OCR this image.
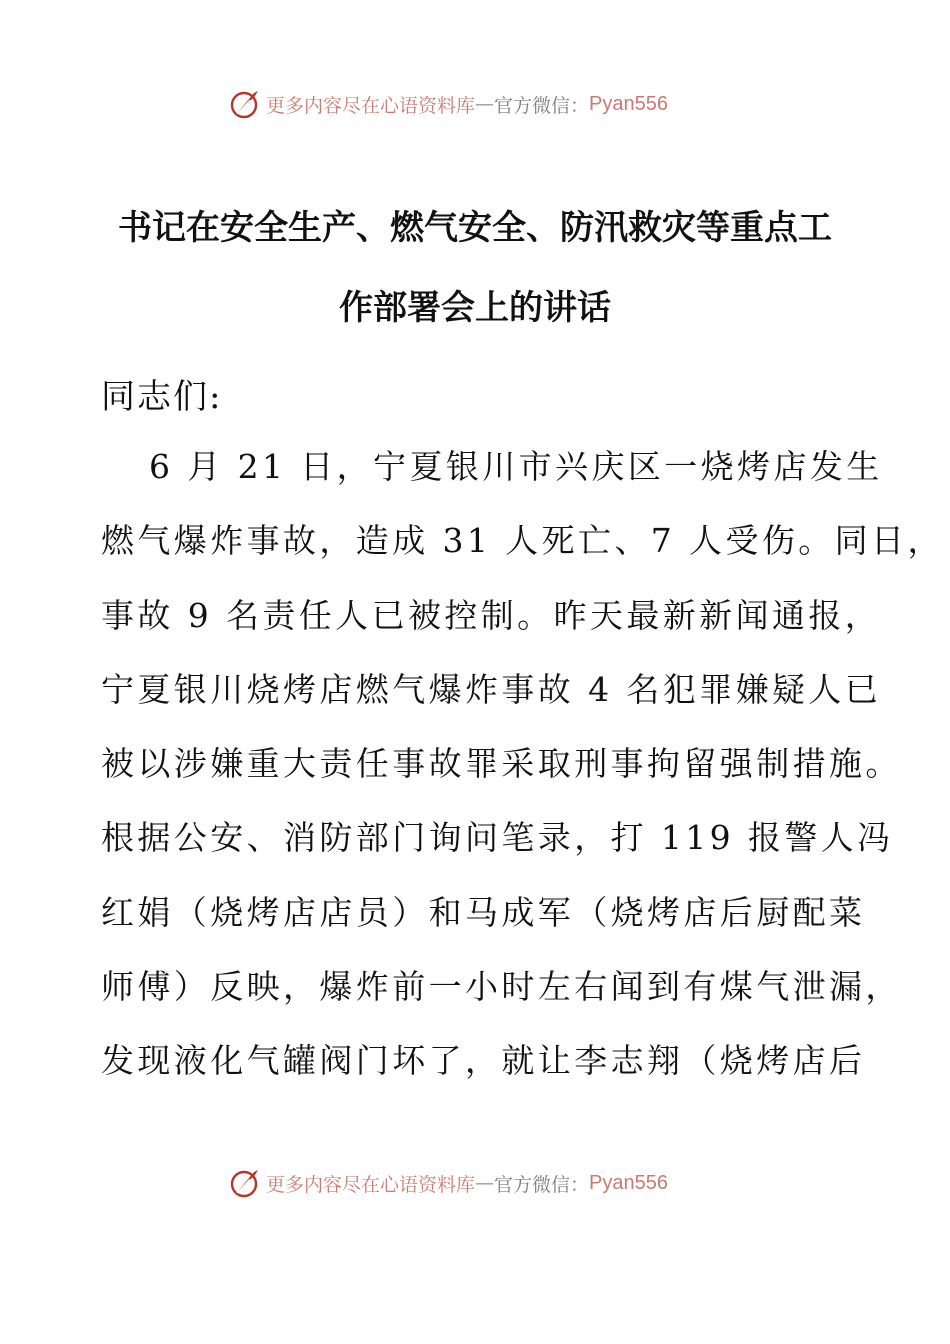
更多内容尽在心语资料库 — 官方微信： Pyan556
书记在安全生产、燃气安全、防汛救灾等重点工
作部署会上的讲话
同志们:
6 月 21 日，宁夏银川市兴庆区一烧烤店发生
燃气爆炸事故，造成 31 人死亡、7 人受伤。同日，
事故 9 名责任人已被控制。昨天最新新闻通报，
宁夏银川烧烤店燃气爆炸事故 4 名犯罪嫌疑人已
被以涉嫌重大责任事故罪采取刑事拘留强制措施。
根据公安、消防部门询问笔录，打 119 报警人冯
红娟（烧烤店店员）和马成军（烧烤店后厨配菜
师傅）反映，爆炸前一小时左右闻到有煤气泄漏，
发现液化气罐阀门坏了，就让李志翔（烧烤店后
更多内容尽在心语资料库 — 官方微信： Pyan556
